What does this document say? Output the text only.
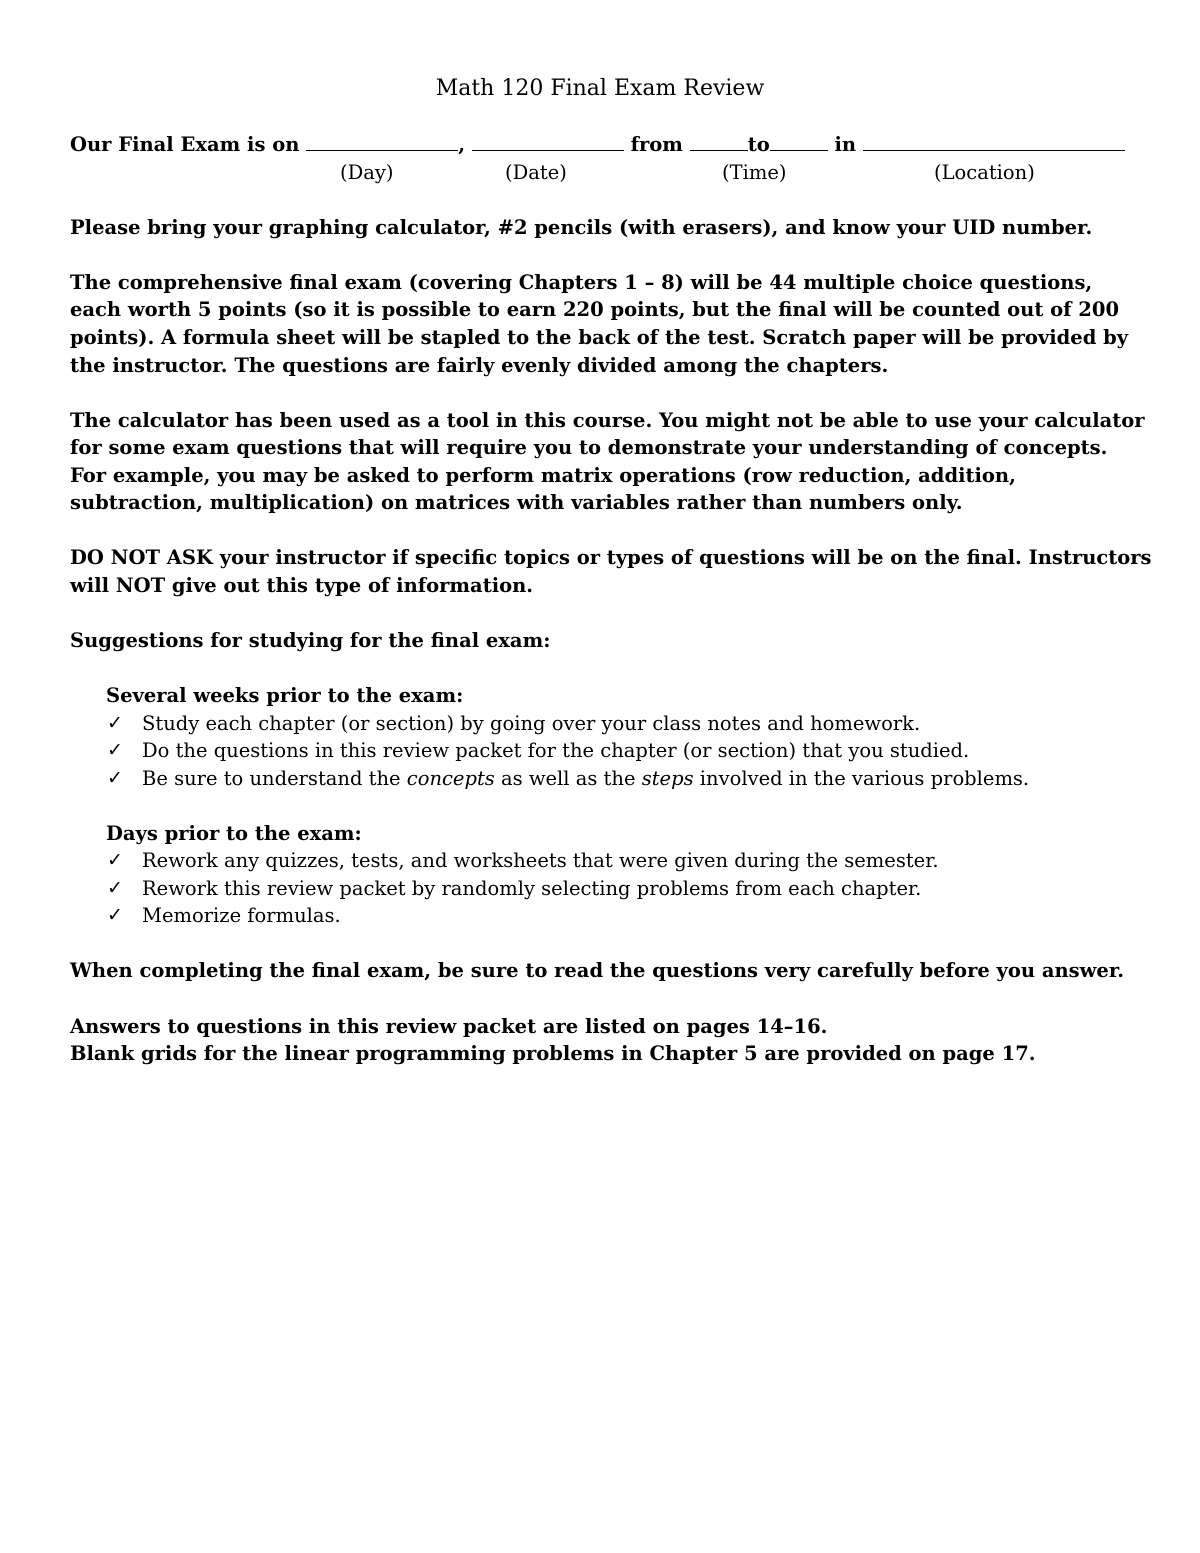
Math 120 Final Exam Review
Our Final Exam is on	,	from	to	in
(Day)	(Date)	(Time)	(Location)
Please bring your graphing calculator, #2 pencils (with erasers), and know your UID number.
The comprehensive final exam (covering Chapters 1 – 8) will be 44 multiple choice questions,
each worth 5 points (so it is possible to earn 220 points, but the final will be counted out of 200
points). A formula sheet will be stapled to the back of the test. Scratch paper will be provided by
the instructor. The questions are fairly evenly divided among the chapters.
The calculator has been used as a tool in this course. You might not be able to use your calculator
for some exam questions that will require you to demonstrate your understanding of concepts.
For example, you may be asked to perform matrix operations (row reduction, addition,
subtraction, multiplication) on matrices with variables rather than numbers only.
DO NOT ASK your instructor if specific topics or types of questions will be on the final. Instructors
will NOT give out this type of information.
Suggestions for studying for the final exam:
Several weeks prior to the exam:
✓ Study each chapter (or section) by going over your class notes and homework.
✓ Do the questions in this review packet for the chapter (or section) that you studied.
✓ Be sure to understand the concepts as well as the steps involved in the various problems.
Days prior to the exam:
✓ Rework any quizzes, tests, and worksheets that were given during the semester.
✓ Rework this review packet by randomly selecting problems from each chapter.
✓ Memorize formulas.
When completing the final exam, be sure to read the questions very carefully before you answer.
Answers to questions in this review packet are listed on pages 14–16.
Blank grids for the linear programming problems in Chapter 5 are provided on page 17.
